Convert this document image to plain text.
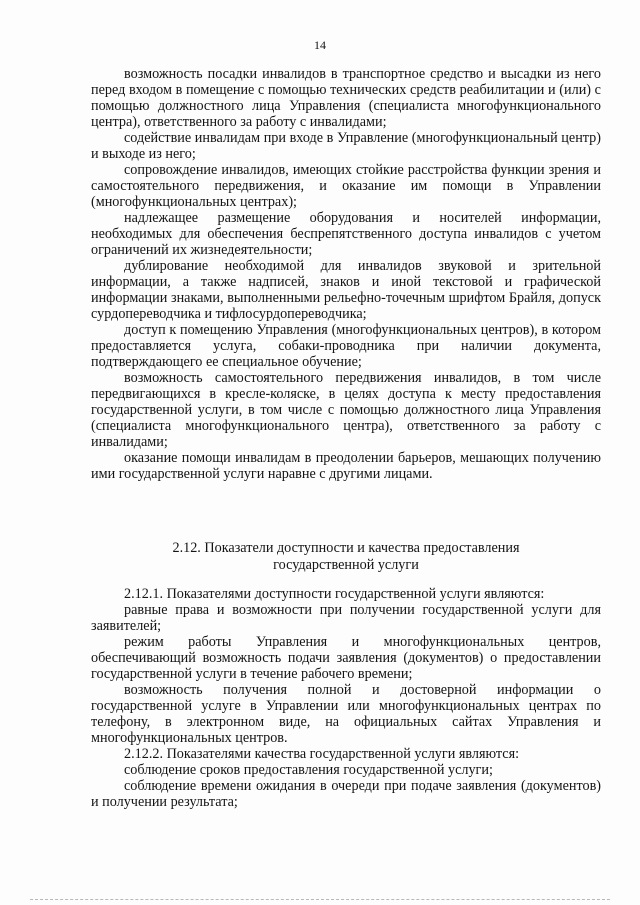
14

возможность посадки инвалидов в транспортное средство и высадки из него перед входом в помещение с помощью технических средств реабилитации и (или) с помощью должностного лица Управления (специалиста многофункционального центра), ответственного за работу с инвалидами;

содействие инвалидам при входе в Управление (многофункциональный центр) и выходе из него;

сопровождение инвалидов, имеющих стойкие расстройства функции зрения и самостоятельного передвижения, и оказание им помощи в Управлении (многофункциональных центрах);

надлежащее размещение оборудования и носителей информации, необходимых для обеспечения беспрепятственного доступа инвалидов с учетом ограничений их жизнедеятельности;

дублирование необходимой для инвалидов звуковой и зрительной информации, а также надписей, знаков и иной текстовой и графической информации знаками, выполненными рельефно-точечным шрифтом Брайля, допуск сурдопереводчика и тифлосурдопереводчика;

доступ к помещению Управления (многофункциональных центров), в котором предоставляется услуга, собаки-проводника при наличии документа, подтверждающего ее специальное обучение;

возможность самостоятельного передвижения инвалидов, в том числе передвигающихся в кресле-коляске, в целях доступа к месту предоставления государственной услуги, в том числе с помощью должностного лица Управления (специалиста многофункционального центра), ответственного за работу с инвалидами;

оказание помощи инвалидам в преодолении барьеров, мешающих получению ими государственной услуги наравне с другими лицами.

2.12. Показатели доступности и качества предоставления
государственной услуги

2.12.1. Показателями доступности государственной услуги являются:

равные права и возможности при получении государственной услуги для заявителей;

режим работы Управления и многофункциональных центров, обеспечивающий возможность подачи заявления (документов) о предоставлении государственной услуги в течение рабочего времени;

возможность получения полной и достоверной информации о государственной услуге в Управлении или многофункциональных центрах по телефону, в электронном виде, на официальных сайтах Управления и многофункциональных центров.

2.12.2. Показателями качества государственной услуги являются:

соблюдение сроков предоставления государственной услуги;

соблюдение времени ожидания в очереди при подаче заявления (документов) и получении результата;
